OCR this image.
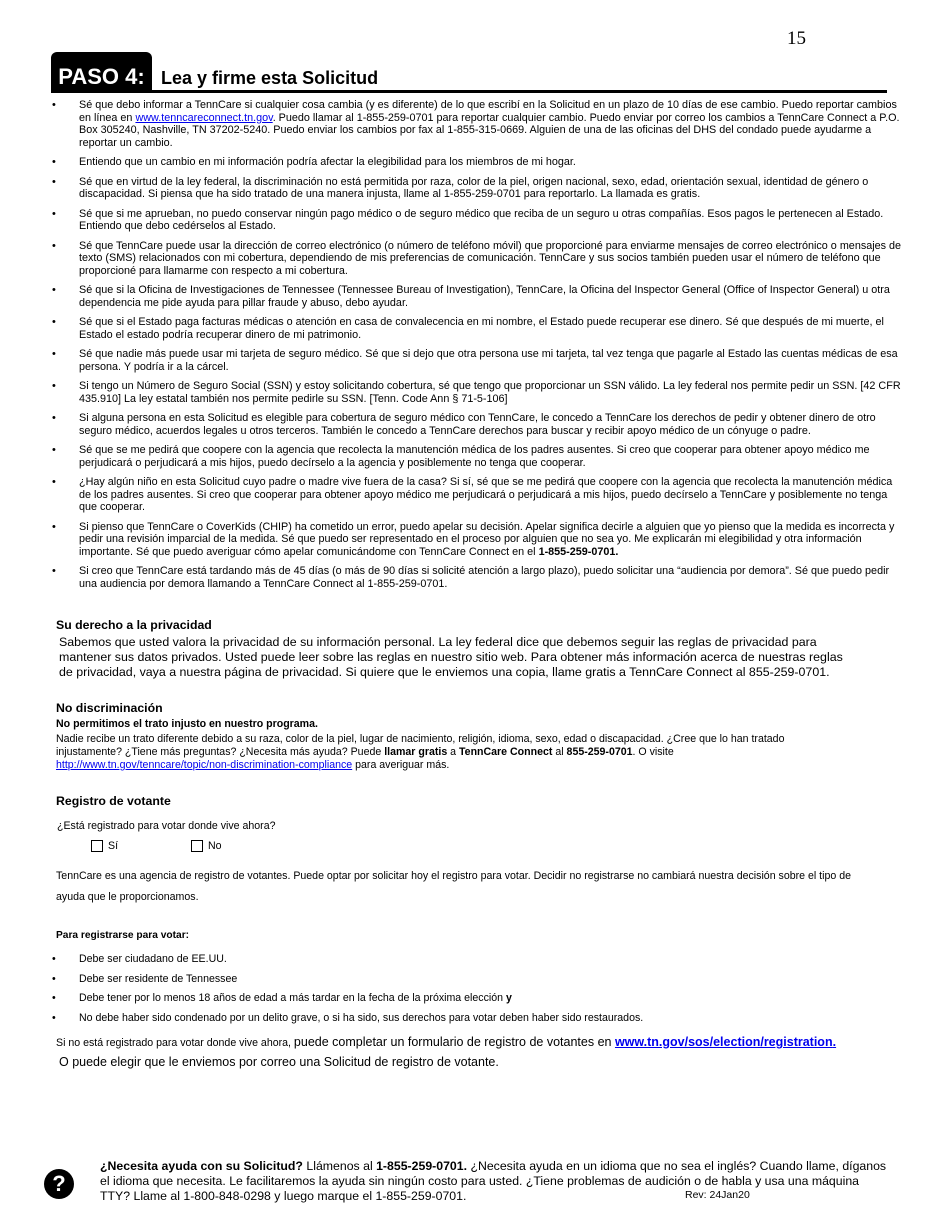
15
PASO 4: Lea y firme esta Solicitud
• Sé que debo informar a TennCare si cualquier cosa cambia (y es diferente) de lo que escribí en la Solicitud en un plazo de 10 días de ese cambio. Puedo reportar cambios en línea en www.tenncareconnect.tn.gov. Puedo llamar al 1-855-259-0701 para reportar cualquier cambio. Puedo enviar por correo los cambios a TennCare Connect a P.O. Box 305240, Nashville, TN 37202-5240. Puedo enviar los cambios por fax al 1-855-315-0669. Alguien de una de las oficinas del DHS del condado puede ayudarme a reportar un cambio.
• Entiendo que un cambio en mi información podría afectar la elegibilidad para los miembros de mi hogar.
• Sé que en virtud de la ley federal, la discriminación no está permitida por raza, color de la piel, origen nacional, sexo, edad, orientación sexual, identidad de género o discapacidad. Si piensa que ha sido tratado de una manera injusta, llame al 1-855-259-0701 para reportarlo. La llamada es gratis.
• Sé que si me aprueban, no puedo conservar ningún pago médico o de seguro médico que reciba de un seguro u otras compañías. Esos pagos le pertenecen al Estado. Entiendo que debo cedérselos al Estado.
• Sé que TennCare puede usar la dirección de correo electrónico (o número de teléfono móvil) que proporcioné para enviarme mensajes de correo electrónico o mensajes de texto (SMS) relacionados con mi cobertura, dependiendo de mis preferencias de comunicación. TennCare y sus socios también pueden usar el número de teléfono que proporcioné para llamarme con respecto a mi cobertura.
• Sé que si la Oficina de Investigaciones de Tennessee (Tennessee Bureau of Investigation), TennCare, la Oficina del Inspector General (Office of Inspector General) u otra dependencia me pide ayuda para pillar fraude y abuso, debo ayudar.
• Sé que si el Estado paga facturas médicas o atención en casa de convalecencia en mi nombre, el Estado puede recuperar ese dinero. Sé que después de mi muerte, el Estado el estado podría recuperar dinero de mi patrimonio.
• Sé que nadie más puede usar mi tarjeta de seguro médico. Sé que si dejo que otra persona use mi tarjeta, tal vez tenga que pagarle al Estado las cuentas médicas de esa persona. Y podría ir a la cárcel.
• Si tengo un Número de Seguro Social (SSN) y estoy solicitando cobertura, sé que tengo que proporcionar un SSN válido. La ley federal nos permite pedir un SSN. [42 CFR 435.910] La ley estatal también nos permite pedirle su SSN. [Tenn. Code Ann § 71-5-106]
• Si alguna persona en esta Solicitud es elegible para cobertura de seguro médico con TennCare, le concedo a TennCare los derechos de pedir y obtener dinero de otro seguro médico, acuerdos legales u otros terceros. También le concedo a TennCare derechos para buscar y recibir apoyo médico de un cónyuge o padre.
• Sé que se me pedirá que coopere con la agencia que recolecta la manutención médica de los padres ausentes. Si creo que cooperar para obtener apoyo médico me perjudicará o perjudicará a mis hijos, puedo decírselo a la agencia y posiblemente no tenga que cooperar.
• ¿Hay algún niño en esta Solicitud cuyo padre o madre vive fuera de la casa? Si sí, sé que se me pedirá que coopere con la agencia que recolecta la manutención médica de los padres ausentes. Si creo que cooperar para obtener apoyo médico me perjudicará o perjudicará a mis hijos, puedo decírselo a TennCare y posiblemente no tenga que cooperar.
• Si pienso que TennCare o CoverKids (CHIP) ha cometido un error, puedo apelar su decisión. Apelar significa decirle a alguien que yo pienso que la medida es incorrecta y pedir una revisión imparcial de la medida. Sé que puedo ser representado en el proceso por alguien que no sea yo. Me explicarán mi elegibilidad y otra información importante. Sé que puedo averiguar cómo apelar comunicándome con TennCare Connect en el 1-855-259-0701.
• Si creo que TennCare está tardando más de 45 días (o más de 90 días si solicité atención a largo plazo), puedo solicitar una “audiencia por demora”. Sé que puedo pedir una audiencia por demora llamando a TennCare Connect al 1-855-259-0701.
Su derecho a la privacidad
Sabemos que usted valora la privacidad de su información personal. La ley federal dice que debemos seguir las reglas de privacidad para mantener sus datos privados. Usted puede leer sobre las reglas en nuestro sitio web. Para obtener más información acerca de nuestras reglas de privacidad, vaya a nuestra página de privacidad. Si quiere que le enviemos una copia, llame gratis a TennCare Connect al 855-259-0701.
No discriminación
No permitimos el trato injusto en nuestro programa.
Nadie recibe un trato diferente debido a su raza, color de la piel, lugar de nacimiento, religión, idioma, sexo, edad o discapacidad. ¿Cree que lo han tratado injustamente? ¿Tiene más preguntas? ¿Necesita más ayuda? Puede llamar gratis a TennCare Connect al 855-259-0701. O visite http://www.tn.gov/tenncare/topic/non-discrimination-compliance para averiguar más.
Registro de votante
¿Está registrado para votar donde vive ahora?
Sí	No
TennCare es una agencia de registro de votantes. Puede optar por solicitar hoy el registro para votar. Decidir no registrarse no cambiará nuestra decisión sobre el tipo de ayuda que le proporcionamos.
Para registrarse para votar:
• Debe ser ciudadano de EE.UU.
• Debe ser residente de Tennessee
• Debe tener por lo menos 18 años de edad a más tardar en la fecha de la próxima elección y
• No debe haber sido condenado por un delito grave, o si ha sido, sus derechos para votar deben haber sido restaurados.
Si no está registrado para votar donde vive ahora, puede completar un formulario de registro de votantes en www.tn.gov/sos/election/registration.
O puede elegir que le enviemos por correo una Solicitud de registro de votante.
?
¿Necesita ayuda con su Solicitud? Llámenos al 1-855-259-0701. ¿Necesita ayuda en un idioma que no sea el inglés? Cuando llame, díganos el idioma que necesita. Le facilitaremos la ayuda sin ningún costo para usted. ¿Tiene problemas de audición o de habla y usa una máquina TTY? Llame al 1-800-848-0298 y luego marque el 1-855-259-0701.	Rev: 24Jan20
